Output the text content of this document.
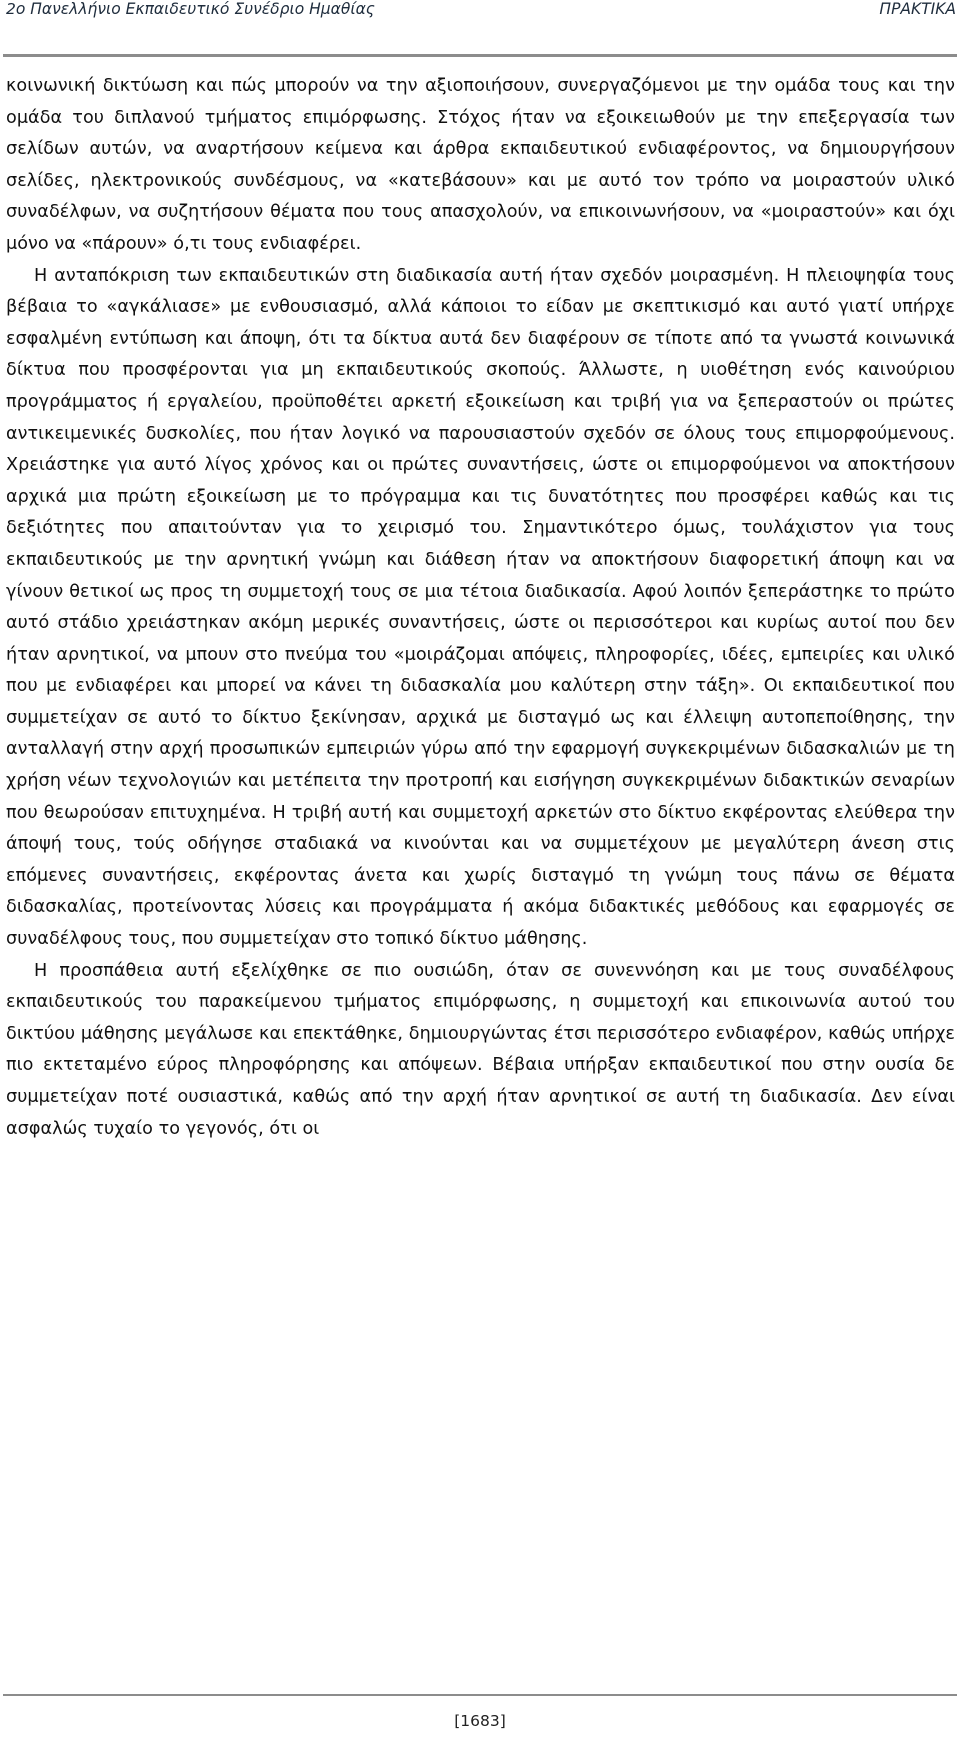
2ο Πανελλήνιο Εκπαιδευτικό Συνέδριο Ημαθίας	ΠΡΑΚΤΙΚΑ

κοινωνική δικτύωση και πώς μπορούν να την αξιοποιήσουν, συνεργαζόμενοι με την ομάδα τους και την ομάδα του διπλανού τμήματος επιμόρφωσης. Στόχος ήταν να εξοικειωθούν με την επεξεργασία των σελίδων αυτών, να αναρτήσουν κείμενα και άρθρα εκπαιδευτικού ενδιαφέροντος, να δημιουργήσουν σελίδες, ηλεκτρονικούς συνδέσμους, να «κατεβάσουν» και με αυτό τον τρόπο να μοιραστούν υλικό συναδέλφων, να συζητήσουν θέματα που τους απασχολούν, να επικοινωνήσουν, να «μοιραστούν» και όχι μόνο να «πάρουν» ό,τι τους ενδιαφέρει.

Η ανταπόκριση των εκπαιδευτικών στη διαδικασία αυτή ήταν σχεδόν μοιρασμένη. Η πλειοψηφία τους βέβαια το «αγκάλιασε» με ενθουσιασμό, αλλά κάποιοι το είδαν με σκεπτικισμό και αυτό γιατί υπήρχε εσφαλμένη εντύπωση και άποψη, ότι τα δίκτυα αυτά δεν διαφέρουν σε τίποτε από τα γνωστά κοινωνικά δίκτυα που προσφέρονται για μη εκπαιδευτικούς σκοπούς. Άλλωστε, η υιοθέτηση ενός καινούριου προγράμματος ή εργαλείου, προϋποθέτει αρκετή εξοικείωση και τριβή για να ξεπεραστούν οι πρώτες αντικειμενικές δυσκολίες, που ήταν λογικό να παρουσιαστούν σχεδόν σε όλους τους επιμορφούμενους. Χρειάστηκε για αυτό λίγος χρόνος και οι πρώτες συναντήσεις, ώστε οι επιμορφούμενοι να αποκτήσουν αρχικά μια πρώτη εξοικείωση με το πρόγραμμα και τις δυνατότητες που προσφέρει καθώς και τις δεξιότητες που απαιτούνταν για το χειρισμό του. Σημαντικότερο όμως, τουλάχιστον για τους εκπαιδευτικούς με την αρνητική γνώμη και διάθεση ήταν να αποκτήσουν διαφορετική άποψη και να γίνουν θετικοί ως προς τη συμμετοχή τους σε μια τέτοια διαδικασία. Αφού λοιπόν ξεπεράστηκε το πρώτο αυτό στάδιο χρειάστηκαν ακόμη μερικές συναντήσεις, ώστε οι περισσότεροι και κυρίως αυτοί που δεν ήταν αρνητικοί, να μπουν στο πνεύμα του «μοιράζομαι απόψεις, πληροφορίες, ιδέες, εμπειρίες και υλικό που με ενδιαφέρει και μπορεί να κάνει τη διδασκαλία μου καλύτερη στην τάξη». Οι εκπαιδευτικοί που συμμετείχαν σε αυτό το δίκτυο ξεκίνησαν, αρχικά με δισταγμό ως και έλλειψη αυτοπεποίθησης, την ανταλλαγή στην αρχή προσωπικών εμπειριών γύρω από την εφαρμογή συγκεκριμένων διδασκαλιών με τη χρήση νέων τεχνολογιών και μετέπειτα την προτροπή και εισήγηση συγκεκριμένων διδακτικών σεναρίων που θεωρούσαν επιτυχημένα. Η τριβή αυτή και συμμετοχή αρκετών στο δίκτυο εκφέροντας ελεύθερα την άποψή τους, τούς οδήγησε σταδιακά να κινούνται και να συμμετέχουν με μεγαλύτερη άνεση στις επόμενες συναντήσεις, εκφέροντας άνετα και χωρίς δισταγμό τη γνώμη τους πάνω σε θέματα διδασκαλίας, προτείνοντας λύσεις και προγράμματα ή ακόμα διδακτικές μεθόδους και εφαρμογές σε συναδέλφους τους, που συμμετείχαν στο τοπικό δίκτυο μάθησης.

Η προσπάθεια αυτή εξελίχθηκε σε πιο ουσιώδη, όταν σε συνεννόηση και με τους συναδέλφους εκπαιδευτικούς του παρακείμενου τμήματος επιμόρφωσης, η συμμετοχή και επικοινωνία αυτού του δικτύου μάθησης μεγάλωσε και επεκτάθηκε, δημιουργώντας έτσι περισσότερο ενδιαφέρον, καθώς υπήρχε πιο εκτεταμένο εύρος πληροφόρησης και απόψεων. Βέβαια υπήρξαν εκπαιδευτικοί που στην ουσία δε συμμετείχαν ποτέ ουσιαστικά, καθώς από την αρχή ήταν αρνητικοί σε αυτή τη διαδικασία. Δεν είναι ασφαλώς τυχαίο το γεγονός, ότι οι

[1683]
